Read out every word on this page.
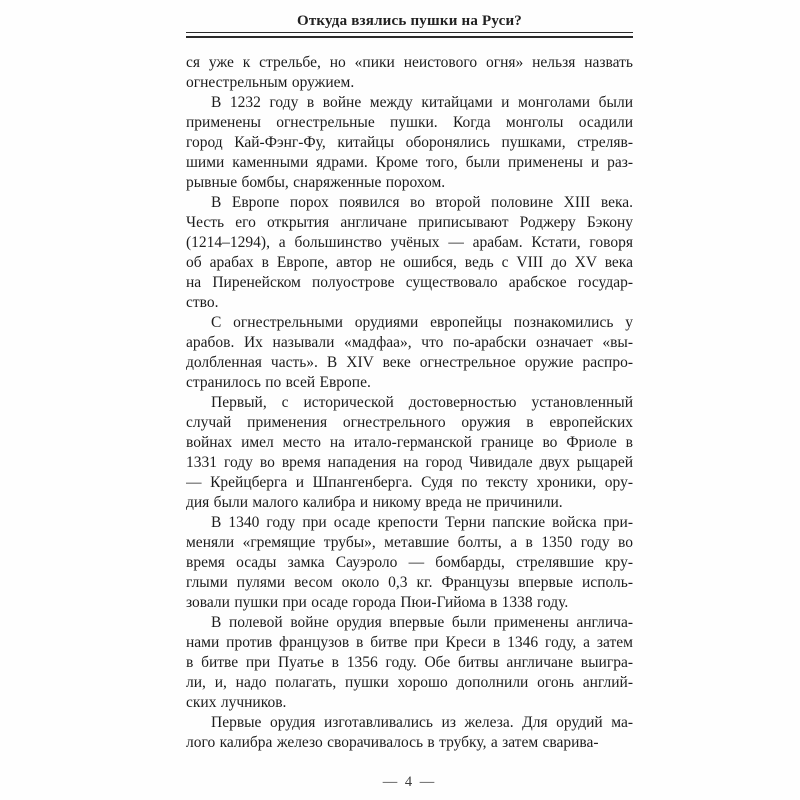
Откуда взялись пушки на Руси?
ся уже к стрельбе, но «пики неистового огня» нельзя назвать
огнестрельным оружием.
В 1232 году в войне между китайцами и монголами были
применены огнестрельные пушки. Когда монголы осадили
город Кай-Фэнг-Фу, китайцы оборонялись пушками, стреляв-
шими каменными ядрами. Кроме того, были применены и раз-
рывные бомбы, снаряженные порохом.
В Европе порох появился во второй половине XIII века.
Честь его открытия англичане приписывают Роджеру Бэкону
(1214–1294), а большинство учёных — арабам. Кстати, говоря
об арабах в Европе, автор не ошибся, ведь с VIII до XV века
на Пиренейском полуострове существовало арабское государ-
ство.
С огнестрельными орудиями европейцы познакомились у
арабов. Их называли «мадфаа», что по-арабски означает «вы-
долбленная часть». В XIV веке огнестрельное оружие распро-
странилось по всей Европе.
Первый, с исторической достоверностью установленный
случай применения огнестрельного оружия в европейских
войнах имел место на итало-германской границе во Фриоле в
1331 году во время нападения на город Чивидале двух рыцарей
— Крейцберга и Шпангенберга. Судя по тексту хроники, ору-
дия были малого калибра и никому вреда не причинили.
В 1340 году при осаде крепости Терни папские войска при-
меняли «гремящие трубы», метавшие болты, а в 1350 году во
время осады замка Сауэроло — бомбарды, стрелявшие кру-
глыми пулями весом около 0,3 кг. Французы впервые исполь-
зовали пушки при осаде города Пюи-Гийома в 1338 году.
В полевой войне орудия впервые были применены англича-
нами против французов в битве при Креси в 1346 году, а затем
в битве при Пуатье в 1356 году. Обе битвы англичане выигра-
ли, и, надо полагать, пушки хорошо дополнили огонь англий-
ских лучников.
Первые орудия изготавливались из железа. Для орудий ма-
лого калибра железо сворачивалось в трубку, а затем сварива-
— 4 —
